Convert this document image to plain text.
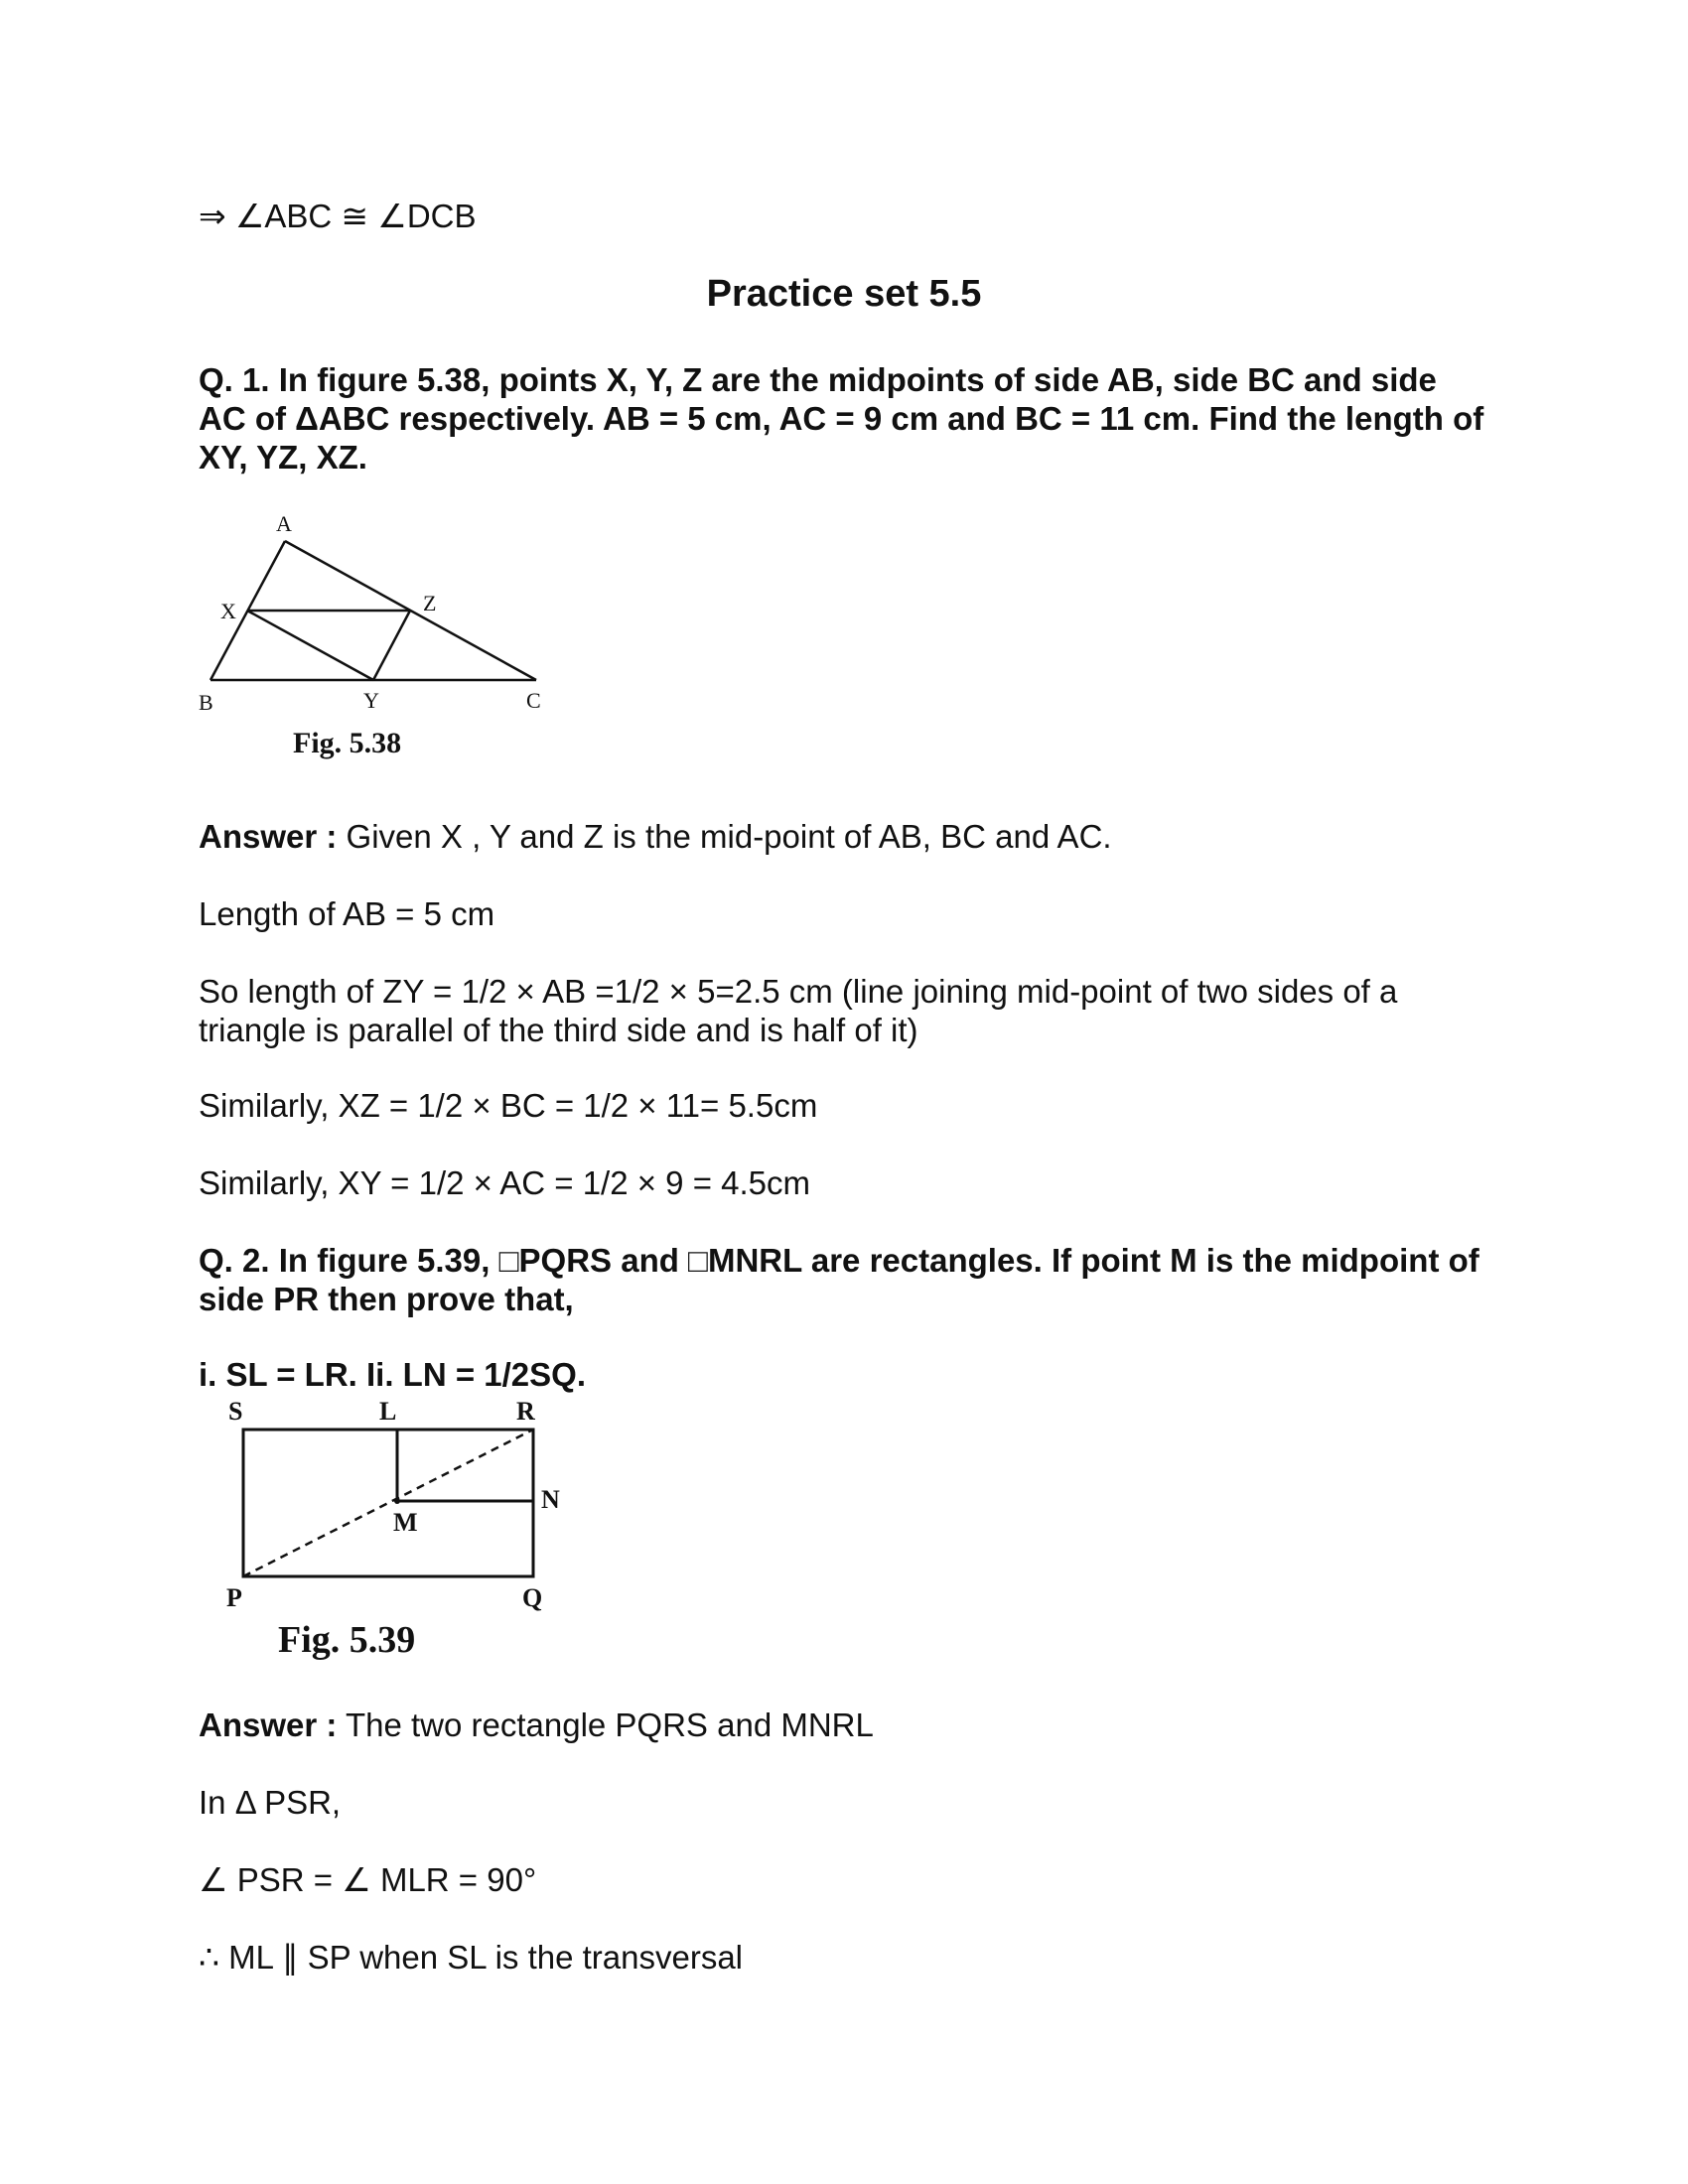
⇒ ∠ABC ≅ ∠DCB
Practice set 5.5
Q. 1. In figure 5.38, points X, Y, Z are the midpoints of side AB, side BC and side AC of ΔABC respectively. AB = 5 cm, AC = 9 cm and BC = 11 cm. Find the length of XY, YZ, XZ.
A
X	Z
B	Y	C
Fig. 5.38
Answer : Given X , Y and Z is the mid-point of AB, BC and AC.
Length of AB = 5 cm
So length of ZY = 1/2 × AB =1/2 × 5=2.5 cm (line joining mid-point of two sides of a triangle is parallel of the third side and is half of it)
Similarly, XZ = 1/2 × BC = 1/2 × 11= 5.5cm
Similarly, XY = 1/2 × AC = 1/2 × 9 = 4.5cm
Q. 2. In figure 5.39, □PQRS and □MNRL are rectangles. If point M is the midpoint of side PR then prove that,
i. SL = LR. Ii. LN = 1/2SQ.
S	L	R
N
M
P	Q
Fig. 5.39
Answer : The two rectangle PQRS and MNRL
In Δ PSR,
∠ PSR = ∠ MLR = 90°
∴ ML ∥ SP when SL is the transversal
